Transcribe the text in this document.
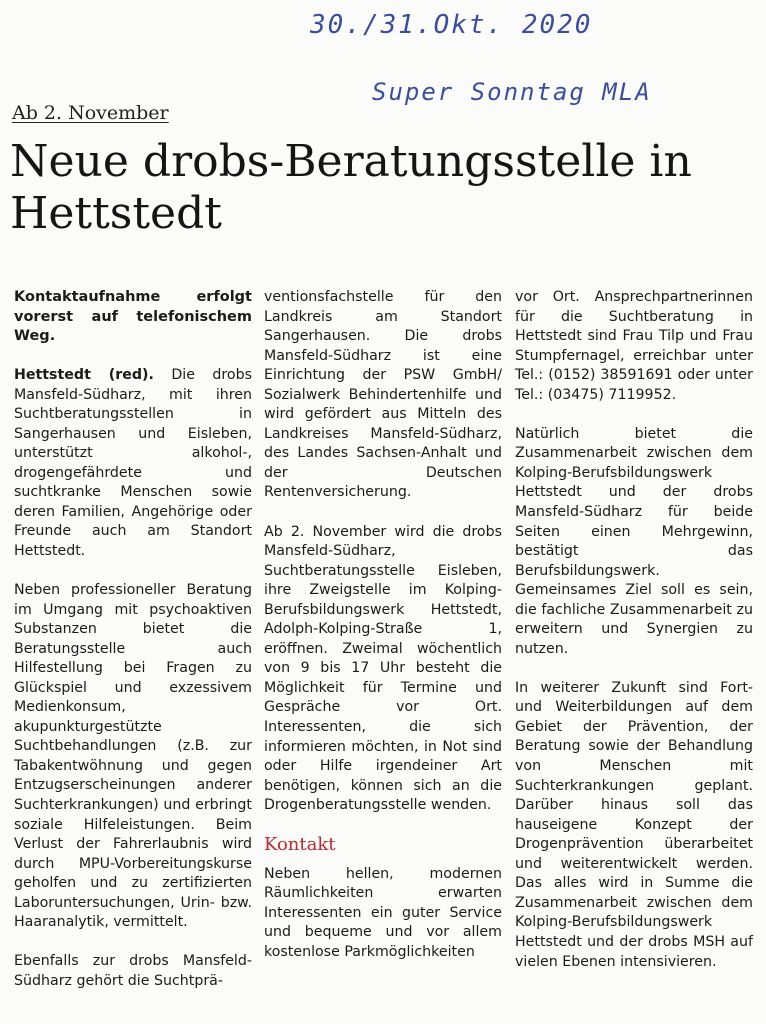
30./31.Okt. 2020
Super Sonntag MLA

Ab 2. November

Neue drobs-Beratungsstelle in Hettstedt

Kontaktaufnahme erfolgt vorerst auf telefonischem Weg.

Hettstedt (red). Die drobs Mansfeld-Südharz, mit ihren Suchtberatungsstellen in Sangerhausen und Eisleben, unterstützt alkohol-, drogengefährdete und suchtkranke Menschen sowie deren Familien, Angehörige oder Freunde auch am Standort Hettstedt.

Neben professioneller Beratung im Umgang mit psychoaktiven Substanzen bietet die Beratungsstelle auch Hilfestellung bei Fragen zu Glückspiel und exzessivem Medienkonsum, akupunkturgestützte Suchtbehandlungen (z.B. zur Tabakentwöhnung und gegen Entzugserscheinungen anderer Suchterkrankungen) und erbringt soziale Hilfeleistungen. Beim Verlust der Fahrerlaubnis wird durch MPU-Vorbereitungskurse geholfen und zu zertifizierten Laboruntersuchungen, Urin- bzw. Haaranalytik, vermittelt.

Ebenfalls zur drobs Mansfeld-Südharz gehört die Suchtprä-

ventionsfachstelle für den Landkreis am Standort Sangerhausen. Die drobs Mansfeld-Südharz ist eine Einrichtung der PSW GmbH/ Sozialwerk Behindertenhilfe und wird gefördert aus Mitteln des Landkreises Mansfeld-Südharz, des Landes Sachsen-Anhalt und der Deutschen Rentenversicherung.

Ab 2. November wird die drobs Mansfeld-Südharz, Suchtberatungsstelle Eisleben, ihre Zweigstelle im Kolping-Berufsbildungswerk Hettstedt, Adolph-Kolping-Straße 1, eröffnen. Zweimal wöchentlich von 9 bis 17 Uhr besteht die Möglichkeit für Termine und Gespräche vor Ort. Interessenten, die sich informieren möchten, in Not sind oder Hilfe irgendeiner Art benötigen, können sich an die Drogenberatungsstelle wenden.

Kontakt

Neben hellen, modernen Räumlichkeiten erwarten Interessenten ein guter Service und bequeme und vor allem kostenlose Parkmöglichkeiten

vor Ort. Ansprechpartnerinnen für die Suchtberatung in Hettstedt sind Frau Tilp und Frau Stumpfernagel, erreichbar unter Tel.: (0152) 38591691 oder unter Tel.: (03475) 7119952.

Natürlich bietet die Zusammenarbeit zwischen dem Kolping-Berufsbildungswerk Hettstedt und der drobs Mansfeld-Südharz für beide Seiten einen Mehrgewinn, bestätigt das Berufsbildungswerk. Gemeinsames Ziel soll es sein, die fachliche Zusammenarbeit zu erweitern und Synergien zu nutzen.

In weiterer Zukunft sind Fort- und Weiterbildungen auf dem Gebiet der Prävention, der Beratung sowie der Behandlung von Menschen mit Suchterkrankungen geplant. Darüber hinaus soll das hauseigene Konzept der Drogenprävention überarbeitet und weiterentwickelt werden. Das alles wird in Summe die Zusammenarbeit zwischen dem Kolping-Berufsbildungswerk Hettstedt und der drobs MSH auf vielen Ebenen intensivieren.
